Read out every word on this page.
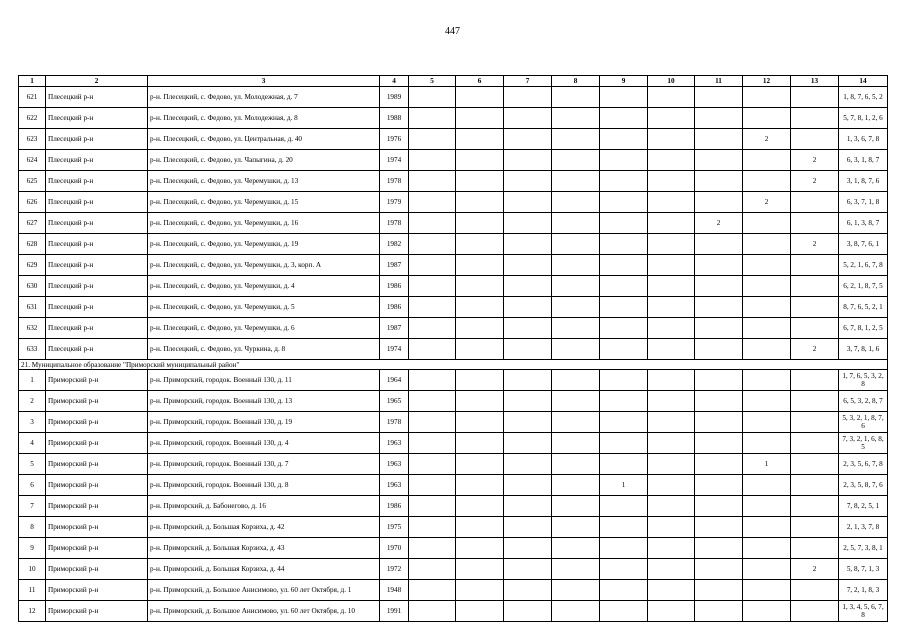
447
1	2	3	4	5	6	7	8	9	10	11	12	13	14
621	Плесецкий р-н	р-н. Плесецкий, с. Федово, ул. Молодежная, д. 7	1989										1, 8, 7, 6, 5, 2
622	Плесецкий р-н	р-н. Плесецкий, с. Федово, ул. Молодежная, д. 8	1988										5, 7, 8, 1, 2, 6
623	Плесецкий р-н	р-н. Плесецкий, с. Федово, ул. Центральная, д. 40	1976								2		1, 3, 6, 7, 8
624	Плесецкий р-н	р-н. Плесецкий, с. Федово, ул. Чапыгина, д. 20	1974									2	6, 3, 1, 8, 7
625	Плесецкий р-н	р-н. Плесецкий, с. Федово, ул. Черемушки, д. 13	1978									2	3, 1, 8, 7, 6
626	Плесецкий р-н	р-н. Плесецкий, с. Федово, ул. Черемушки, д. 15	1979								2		6, 3, 7, 1, 8
627	Плесецкий р-н	р-н. Плесецкий, с. Федово, ул. Черемушки, д. 16	1978							2			6, 1, 3, 8, 7
628	Плесецкий р-н	р-н. Плесецкий, с. Федово, ул. Черемушки, д. 19	1982									2	3, 8, 7, 6, 1
629	Плесецкий р-н	р-н. Плесецкий, с. Федово, ул. Черемушки, д. 3, корп. А	1987										5, 2, 1, 6, 7, 8
630	Плесецкий р-н	р-н. Плесецкий, с. Федово, ул. Черемушки, д. 4	1986										6, 2, 1, 8, 7, 5
631	Плесецкий р-н	р-н. Плесецкий, с. Федово, ул. Черемушки, д. 5	1986										8, 7, 6, 5, 2, 1
632	Плесецкий р-н	р-н. Плесецкий, с. Федово, ул. Черемушки, д. 6	1987										6, 7, 8, 1, 2, 5
633	Плесецкий р-н	р-н. Плесецкий, с. Федово, ул. Чуркина, д. 8	1974									2	3, 7, 8, 1, 6
21. Муниципальное образование "Приморский муниципальный район"													
1	Приморский р-н	р-н. Приморский, городок. Военный 130, д. 11	1964										1, 7, 6, 5, 3, 2, 8
2	Приморский р-н	р-н. Приморский, городок. Военный 130, д. 13	1965										6, 5, 3, 2, 8, 7
3	Приморский р-н	р-н. Приморский, городок. Военный 130, д. 19	1978										5, 3, 2, 1, 8, 7, 6
4	Приморский р-н	р-н. Приморский, городок. Военный 130, д. 4	1963										7, 3, 2, 1, 6, 8, 5
5	Приморский р-н	р-н. Приморский, городок. Военный 130, д. 7	1963								1		2, 3, 5, 6, 7, 8
6	Приморский р-н	р-н. Приморский, городок. Военный 130, д. 8	1963					1					2, 3, 5, 8, 7, 6
7	Приморский р-н	р-н. Приморский, д. Бабонегово, д. 16	1986										7, 8, 2, 5, 1
8	Приморский р-н	р-н. Приморский, д. Большая Корзиха, д. 42	1975										2, 1, 3, 7, 8
9	Приморский р-н	р-н. Приморский, д. Большая Корзиха, д. 43	1970										2, 5, 7, 3, 8, 1
10	Приморский р-н	р-н. Приморский, д. Большая Корзиха, д. 44	1972									2	5, 8, 7, 1, 3
11	Приморский р-н	р-н. Приморский, д. Большое Анисимово, ул. 60 лет Октября, д. 1	1948										7, 2, 1, 8, 3
12	Приморский р-н	р-н. Приморский, д. Большое Анисимово, ул. 60 лет Октября, д. 10	1991										1, 3, 4, 5, 6, 7, 8
